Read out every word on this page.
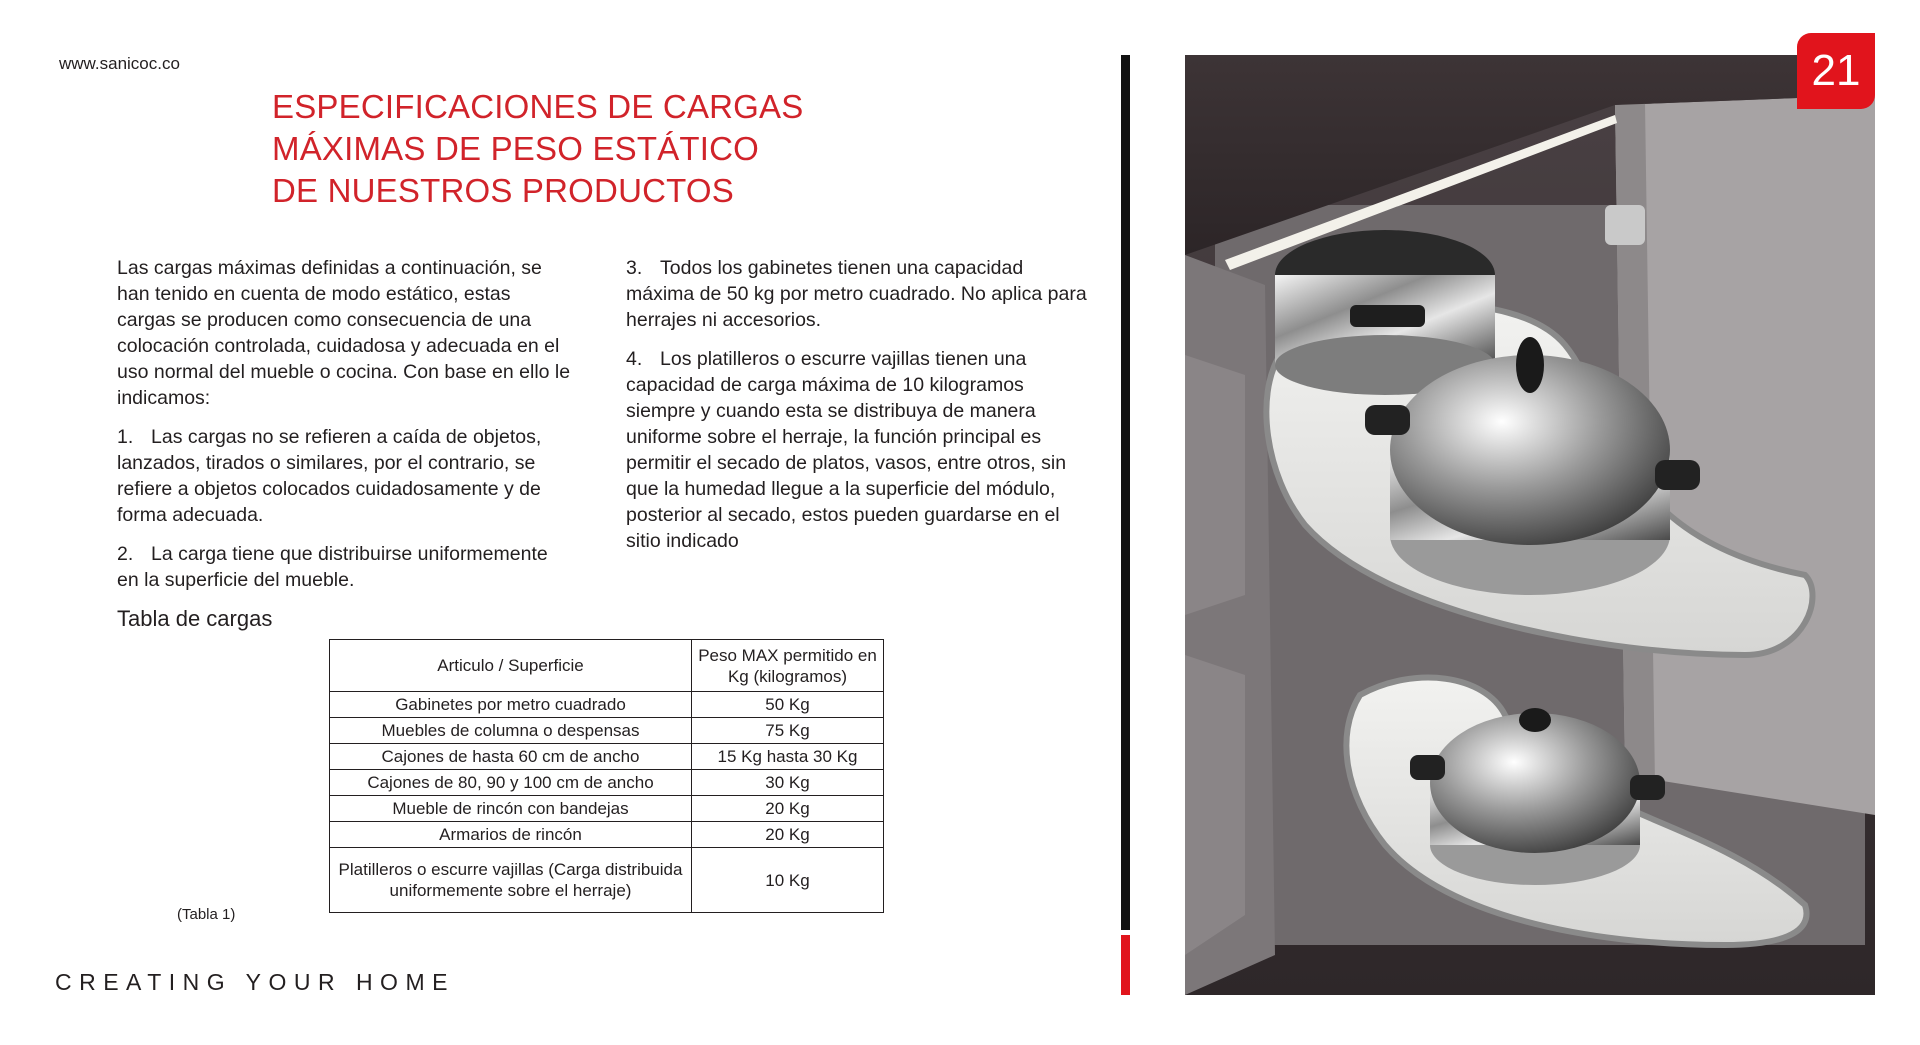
www.sanicoc.co
ESPECIFICACIONES DE CARGAS
MÁXIMAS DE PESO ESTÁTICO
DE NUESTROS PRODUCTOS

Las cargas máximas definidas a continuación, se han tenido en cuenta de modo estático, estas cargas se producen como consecuencia de una colocación controlada, cuidadosa y adecuada en el uso normal del mueble o cocina. Con base en ello le indicamos:

1. Las cargas no se refieren a caída de objetos, lanzados, tirados o similares, por el contrario, se refiere a objetos colocados cuidadosamente y de forma adecuada.

2. La carga tiene que distribuirse uniformemente en la superficie del mueble.

3. Todos los gabinetes tienen una capacidad máxima de 50 kg por metro cuadrado. No aplica para herrajes ni accesorios.

4. Los platilleros o escurre vajillas tienen una capacidad de carga máxima de 10 kilogramos siempre y cuando esta se distribuya de manera uniforme sobre el herraje, la función principal es permitir el secado de platos, vasos, entre otros, sin que la humedad llegue a la superficie del módulo, posterior al secado, estos pueden guardarse en el sitio indicado

Tabla de cargas
Articulo / Superficie	Peso MAX permitido en Kg (kilogramos)
Gabinetes por metro cuadrado	50 Kg
Muebles de columna o despensas	75 Kg
Cajones de hasta 60 cm de ancho	15 Kg hasta 30 Kg
Cajones de 80, 90 y 100 cm de ancho	30 Kg
Mueble de rincón con bandejas	20 Kg
Armarios de rincón	20 Kg
Platilleros o escurre vajillas (Carga distribuida uniformemente sobre el herraje)	10 Kg
(Tabla 1)
CREATING YOUR HOME
21
